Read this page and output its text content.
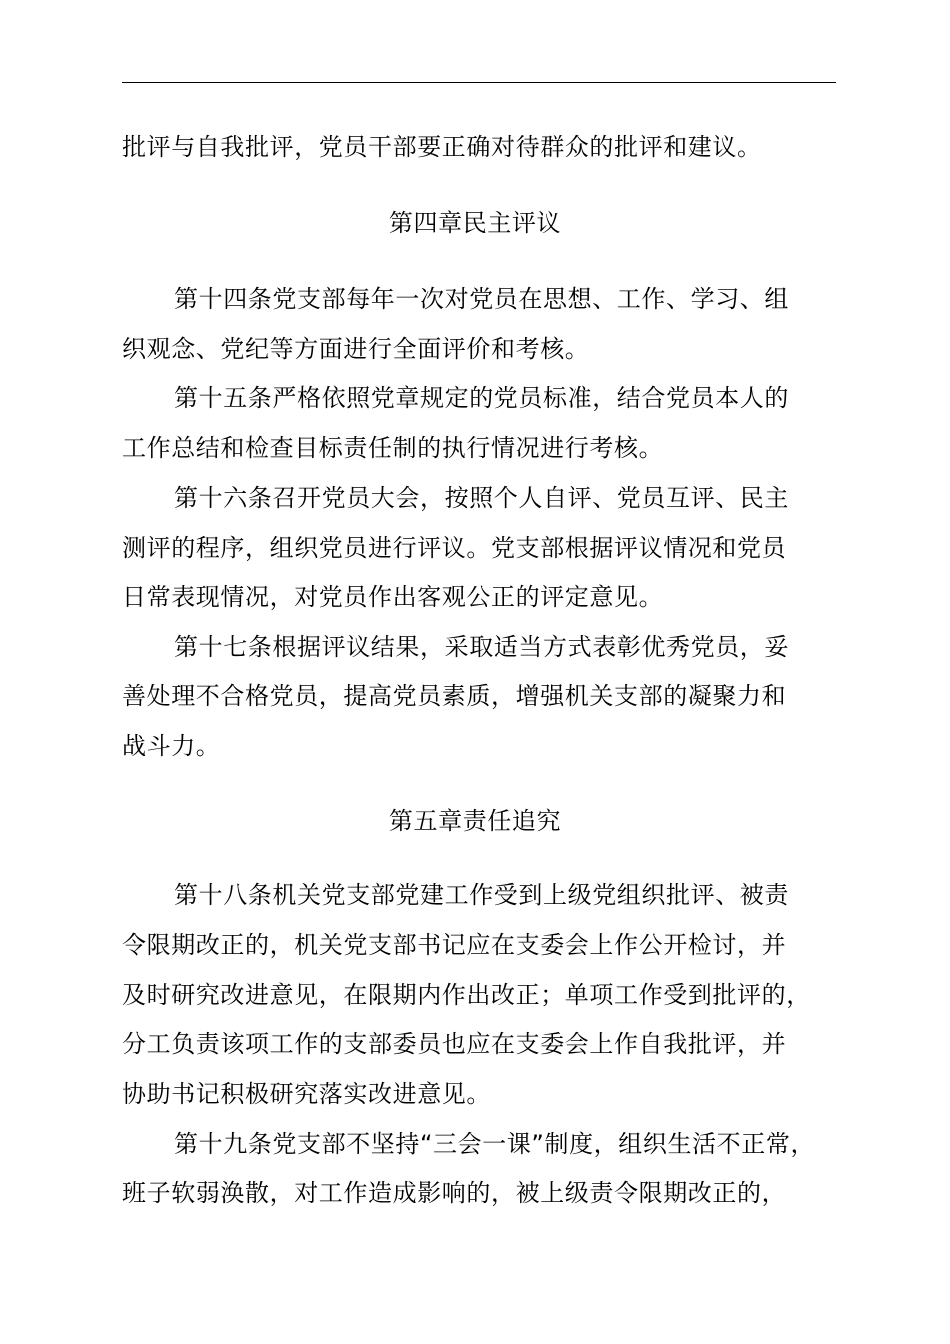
批评与自我批评，党员干部要正确对待群众的批评和建议。
第四章民主评议
第十四条党支部每年一次对党员在思想、工作、学习、组
织观念、党纪等方面进行全面评价和考核。
第十五条严格依照党章规定的党员标准，结合党员本人的
工作总结和检查目标责任制的执行情况进行考核。
第十六条召开党员大会，按照个人自评、党员互评、民主
测评的程序，组织党员进行评议。党支部根据评议情况和党员
日常表现情况，对党员作出客观公正的评定意见。
第十七条根据评议结果，采取适当方式表彰优秀党员，妥
善处理不合格党员，提高党员素质，增强机关支部的凝聚力和
战斗力。
第五章责任追究
第十八条机关党支部党建工作受到上级党组织批评、被责
令限期改正的，机关党支部书记应在支委会上作公开检讨，并
及时研究改进意见，在限期内作出改正；单项工作受到批评的，
分工负责该项工作的支部委员也应在支委会上作自我批评，并
协助书记积极研究落实改进意见。
第十九条党支部不坚持“三会一课”制度，组织生活不正常，
班子软弱涣散，对工作造成影响的，被上级责令限期改正的，
